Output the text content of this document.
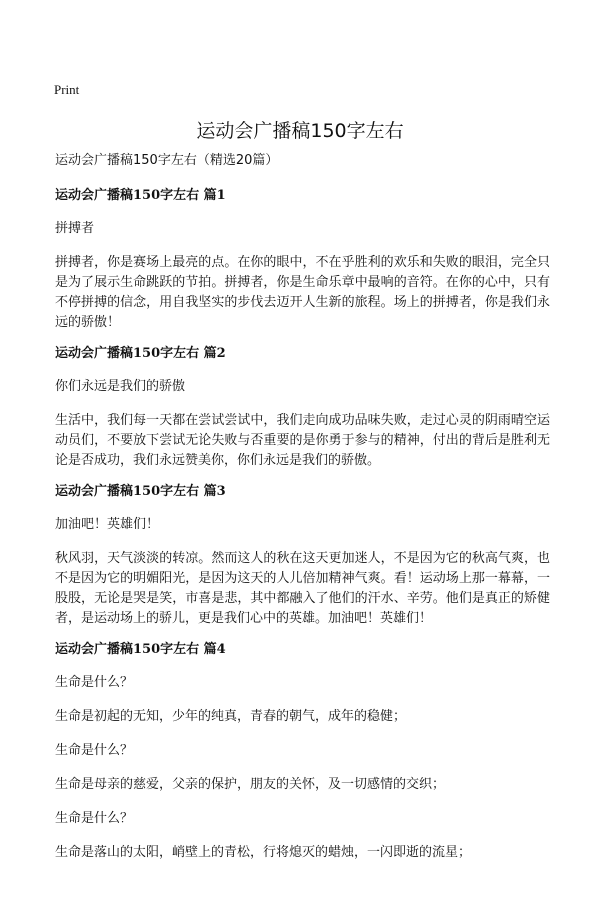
Print
运动会广播稿150字左右
运动会广播稿150字左右（精选20篇）
运动会广播稿150字左右 篇1
拼搏者
拼搏者，你是赛场上最亮的点。在你的眼中，不在乎胜利的欢乐和失败的眼泪，完全只是为了展示生命跳跃的节拍。拼搏者，你是生命乐章中最响的音符。在你的心中，只有不停拼搏的信念，用自我坚实的步伐去迈开人生新的旅程。场上的拼搏者，你是我们永远的骄傲！
运动会广播稿150字左右 篇2
你们永远是我们的骄傲
生活中，我们每一天都在尝试尝试中，我们走向成功品味失败，走过心灵的阴雨晴空运动员们，不要放下尝试无论失败与否重要的是你勇于参与的精神，付出的背后是胜利无论是否成功，我们永远赞美你，你们永远是我们的骄傲。
运动会广播稿150字左右 篇3
加油吧！英雄们！
秋风羽，天气淡淡的转凉。然而这人的秋在这天更加迷人，不是因为它的秋高气爽，也不是因为它的明媚阳光，是因为这天的人儿倍加精神气爽。看！运动场上那一幕幕，一股股，无论是哭是笑，市喜是悲，其中都融入了他们的汗水、辛劳。他们是真正的矫健者，是运动场上的骄儿，更是我们心中的英雄。加油吧！英雄们！
运动会广播稿150字左右 篇4
生命是什么？
生命是初起的无知，少年的纯真，青春的朝气，成年的稳健；
生命是什么？
生命是母亲的慈爱，父亲的保护，朋友的关怀，及一切感情的交织；
生命是什么？
生命是落山的太阳，峭壁上的青松，行将熄灭的蜡烛，一闪即逝的流星；
